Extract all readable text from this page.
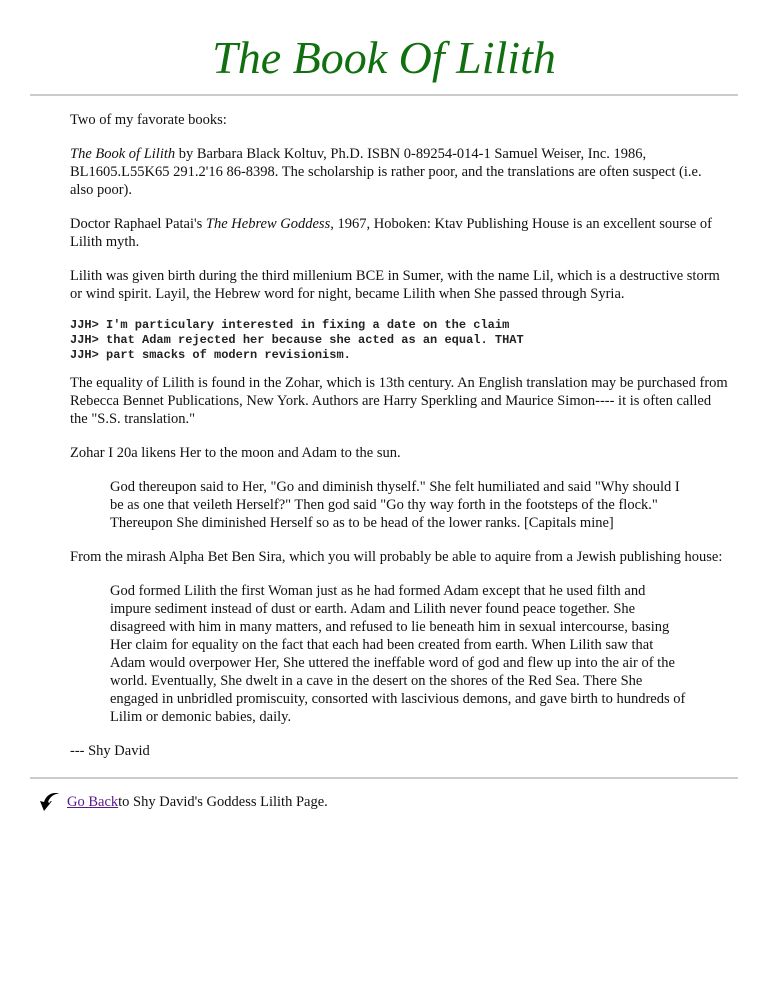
The Book Of Lilith

Two of my favorate books:

The Book of Lilith by Barbara Black Koltuv, Ph.D. ISBN 0-89254-014-1 Samuel Weiser, Inc. 1986, BL1605.L55K65 291.2'16 86-8398. The scholarship is rather poor, and the translations are often suspect (i.e. also poor).

Doctor Raphael Patai's The Hebrew Goddess, 1967, Hoboken: Ktav Publishing House is an excellent sourse of Lilith myth.

Lilith was given birth during the third millenium BCE in Sumer, with the name Lil, which is a destructive storm or wind spirit. Layil, the Hebrew word for night, became Lilith when She passed through Syria.

JJH> I'm particulary interested in fixing a date on the claim
JJH> that Adam rejected her because she acted as an equal. THAT
JJH> part smacks of modern revisionism.

The equality of Lilith is found in the Zohar, which is 13th century. An English translation may be purchased from Rebecca Bennet Publications, New York. Authors are Harry Sperkling and Maurice Simon---- it is often called the "S.S. translation."

Zohar I 20a likens Her to the moon and Adam to the sun.

God thereupon said to Her, "Go and diminish thyself." She felt humiliated and said "Why should I be as one that veileth Herself?" Then god said "Go thy way forth in the footsteps of the flock." Thereupon She diminished Herself so as to be head of the lower ranks. [Capitals mine]

From the mirash Alpha Bet Ben Sira, which you will probably be able to aquire from a Jewish publishing house:

God formed Lilith the first Woman just as he had formed Adam except that he used filth and impure sediment instead of dust or earth. Adam and Lilith never found peace together. She disagreed with him in many matters, and refused to lie beneath him in sexual intercourse, basing Her claim for equality on the fact that each had been created from earth. When Lilith saw that Adam would overpower Her, She uttered the ineffable word of god and flew up into the air of the world. Eventually, She dwelt in a cave in the desert on the shores of the Red Sea. There She engaged in unbridled promiscuity, consorted with lascivious demons, and gave birth to hundreds of Lilim or demonic babies, daily.

--- Shy David

Go Back to Shy David's Goddess Lilith Page.
